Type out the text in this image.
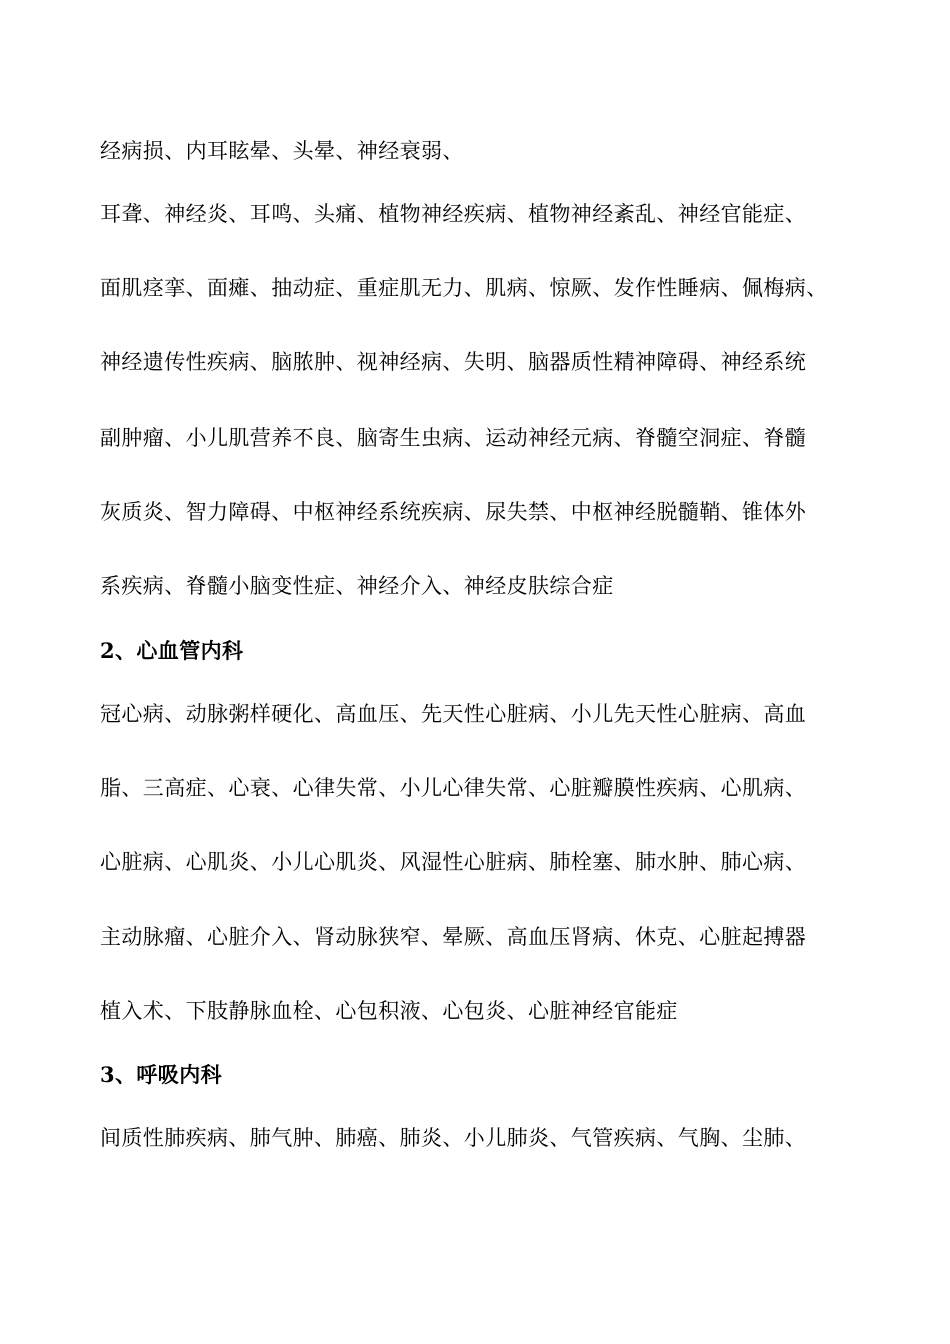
经病损、内耳眩晕、头晕、神经衰弱、
耳聋、神经炎、耳鸣、头痛、植物神经疾病、植物神经紊乱、神经官能症、
面肌痉挛、面瘫、抽动症、重症肌无力、肌病、惊厥、发作性睡病、佩梅病、
神经遗传性疾病、脑脓肿、视神经病、失明、脑器质性精神障碍、神经系统
副肿瘤、小儿肌营养不良、脑寄生虫病、运动神经元病、脊髓空洞症、脊髓
灰质炎、智力障碍、中枢神经系统疾病、尿失禁、中枢神经脱髓鞘、锥体外
系疾病、脊髓小脑变性症、神经介入、神经皮肤综合症
2、心血管内科
冠心病、动脉粥样硬化、高血压、先天性心脏病、小儿先天性心脏病、高血
脂、三高症、心衰、心律失常、小儿心律失常、心脏瓣膜性疾病、心肌病、
心脏病、心肌炎、小儿心肌炎、风湿性心脏病、肺栓塞、肺水肿、肺心病、
主动脉瘤、心脏介入、肾动脉狭窄、晕厥、高血压肾病、休克、心脏起搏器
植入术、下肢静脉血栓、心包积液、心包炎、心脏神经官能症
3、呼吸内科
间质性肺疾病、肺气肿、肺癌、肺炎、小儿肺炎、气管疾病、气胸、尘肺、
